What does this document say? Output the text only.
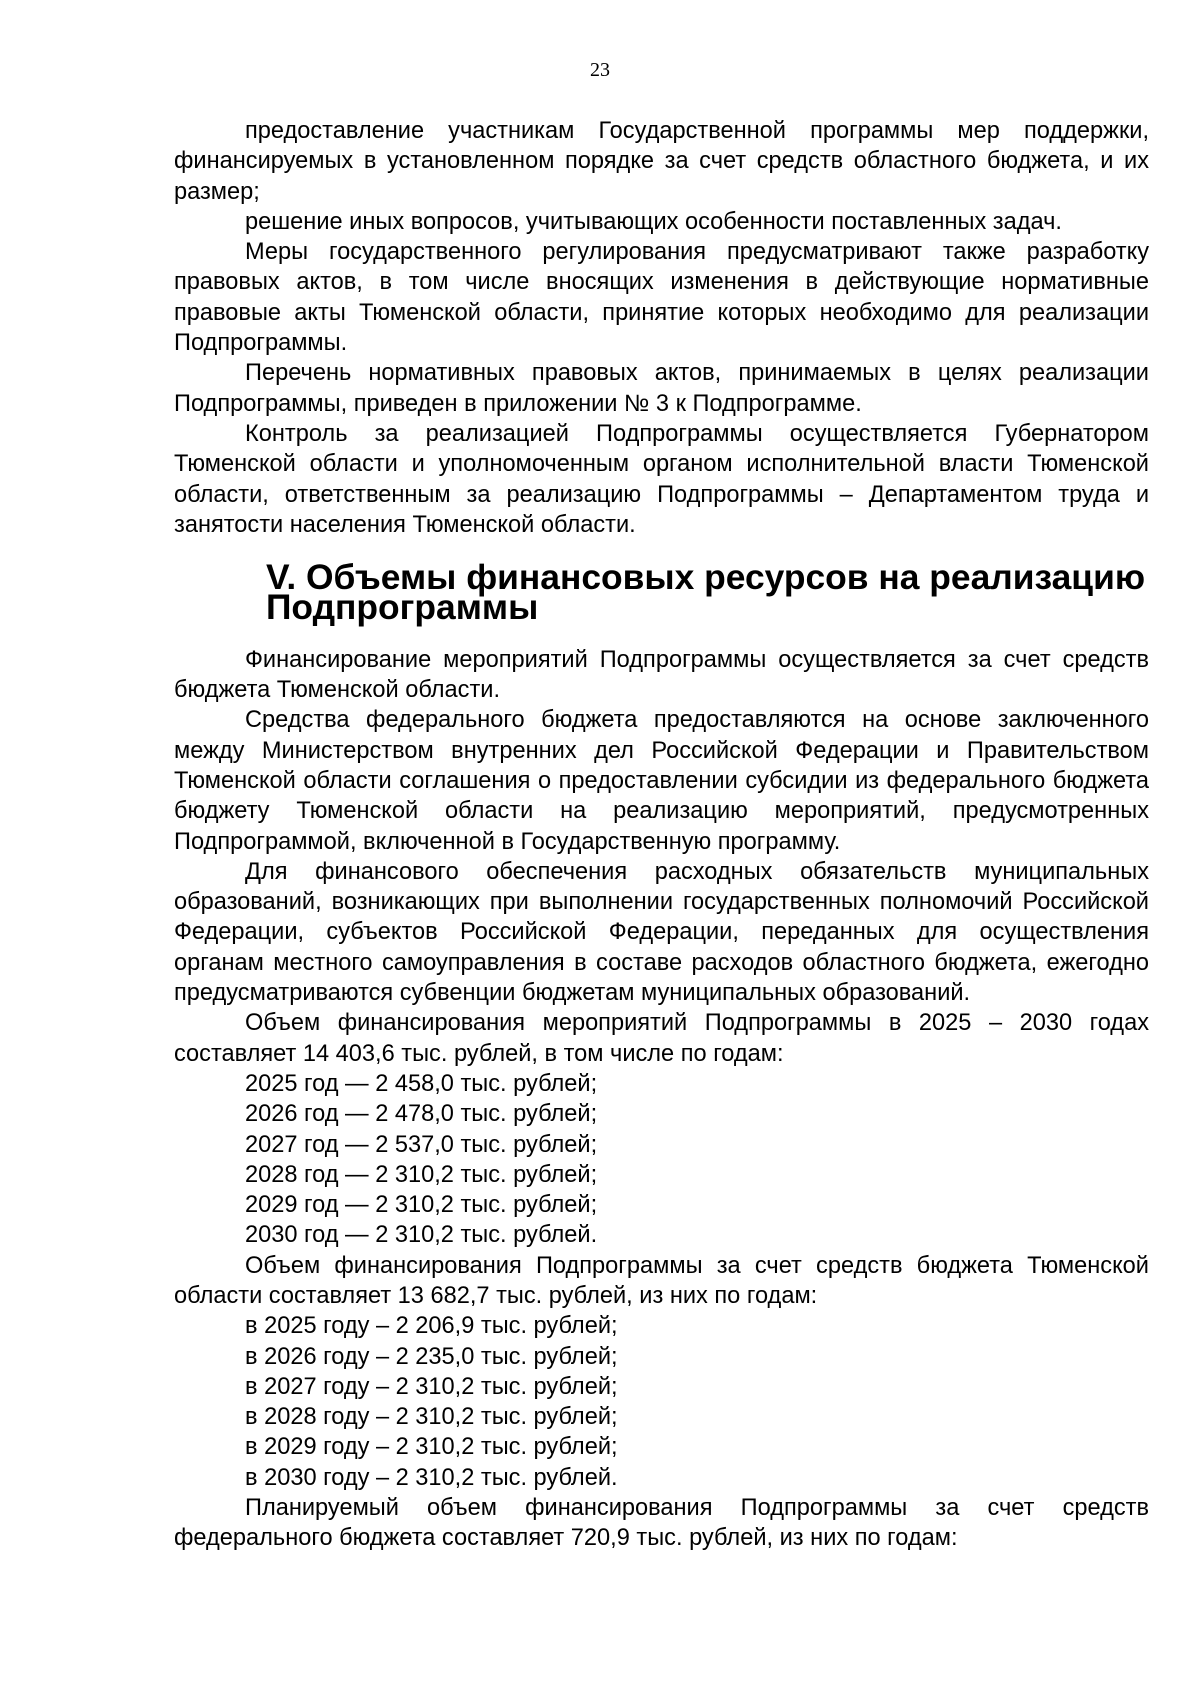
23

предоставление участникам Государственной программы мер поддержки, финансируемых в установленном порядке за счет средств областного бюджета, и их размер;

решение иных вопросов, учитывающих особенности поставленных задач.

Меры государственного регулирования предусматривают также разработку правовых актов, в том числе вносящих изменения в действующие нормативные правовые акты Тюменской области, принятие которых необходимо для реализации Подпрограммы.

Перечень нормативных правовых актов, принимаемых в целях реализации Подпрограммы, приведен в приложении № 3 к Подпрограмме.

Контроль за реализацией Подпрограммы осуществляется Губернатором Тюменской области и уполномоченным органом исполнительной власти Тюменской области, ответственным за реализацию Подпрограммы – Департаментом труда и занятости населения Тюменской области.

V. Объемы финансовых ресурсов на реализацию Подпрограммы

Финансирование мероприятий Подпрограммы осуществляется за счет средств бюджета Тюменской области.

Средства федерального бюджета предоставляются на основе заключенного между Министерством внутренних дел Российской Федерации и Правительством Тюменской области соглашения о предоставлении субсидии из федерального бюджета бюджету Тюменской области на реализацию мероприятий, предусмотренных Подпрограммой, включенной в Государственную программу.

Для финансового обеспечения расходных обязательств муниципальных образований, возникающих при выполнении государственных полномочий Российской Федерации, субъектов Российской Федерации, переданных для осуществления органам местного самоуправления в составе расходов областного бюджета, ежегодно предусматриваются субвенции бюджетам муниципальных образований.

Объем финансирования мероприятий Подпрограммы в 2025 – 2030 годах составляет 14 403,6 тыс. рублей, в том числе по годам:

2025 год — 2 458,0 тыс. рублей;

2026 год — 2 478,0 тыс. рублей;

2027 год — 2 537,0 тыс. рублей;

2028 год — 2 310,2 тыс. рублей;

2029 год — 2 310,2 тыс. рублей;

2030 год — 2 310,2 тыс. рублей.

Объем финансирования Подпрограммы за счет средств бюджета Тюменской области составляет 13 682,7 тыс. рублей, из них по годам:

в 2025 году – 2 206,9 тыс. рублей;

в 2026 году – 2 235,0 тыс. рублей;

в 2027 году – 2 310,2 тыс. рублей;

в 2028 году – 2 310,2 тыс. рублей;

в 2029 году – 2 310,2 тыс. рублей;

в 2030 году – 2 310,2 тыс. рублей.

Планируемый объем финансирования Подпрограммы за счет средств федерального бюджета составляет 720,9 тыс. рублей, из них по годам:
